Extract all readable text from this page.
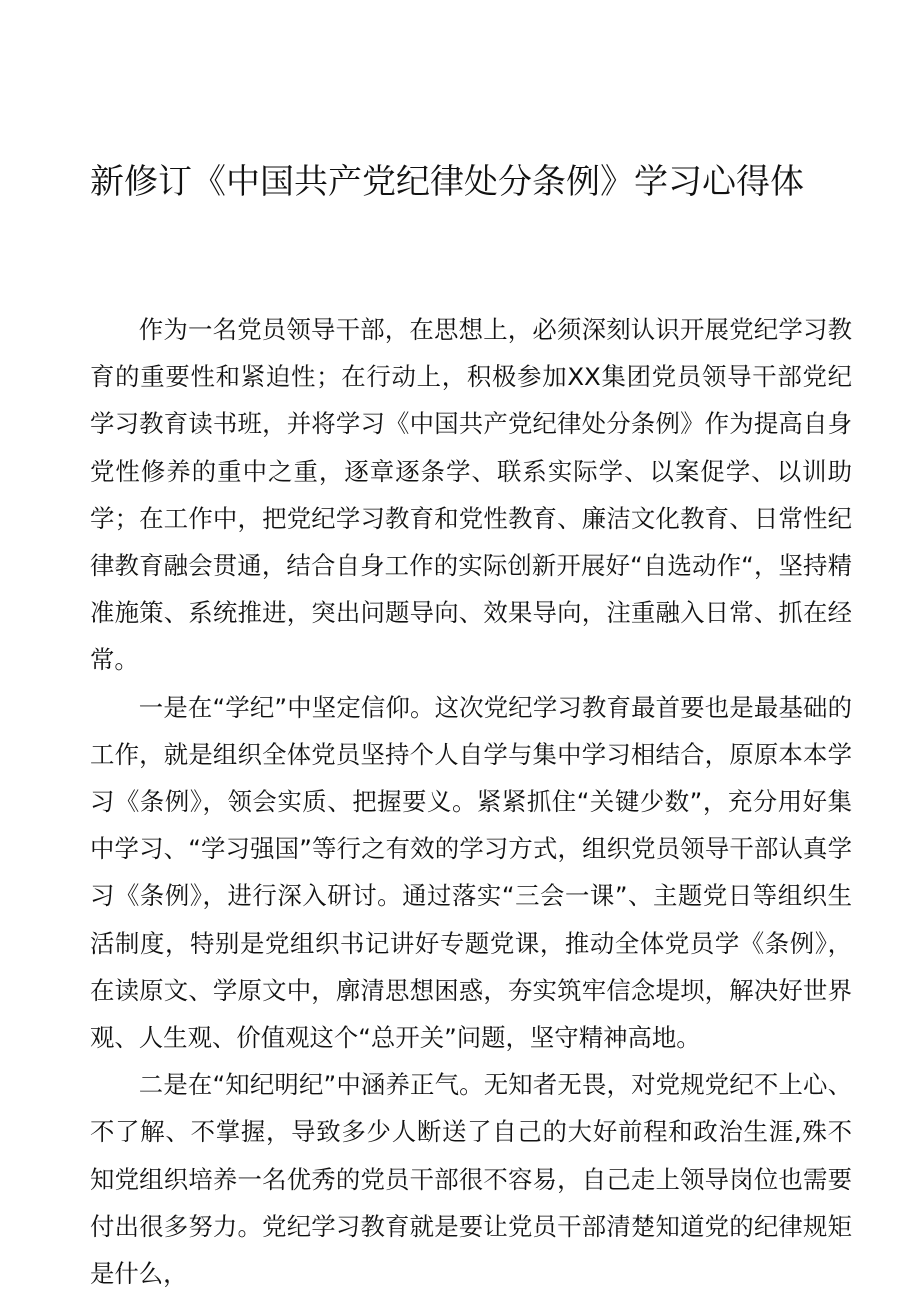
新修订《中国共产党纪律处分条例》学习心得体

作为一名党员领导干部，在思想上，必须深刻认识开展党纪学习教育的重要性和紧迫性；在行动上，积极参加XX集团党员领导干部党纪学习教育读书班，并将学习《中国共产党纪律处分条例》作为提高自身党性修养的重中之重，逐章逐条学、联系实际学、以案促学、以训助学；在工作中，把党纪学习教育和党性教育、廉洁文化教育、日常性纪律教育融会贯通，结合自身工作的实际创新开展好“自选动作“，坚持精准施策、系统推进，突出问题导向、效果导向，注重融入日常、抓在经常。

一是在“学纪”中坚定信仰。这次党纪学习教育最首要也是最基础的工作，就是组织全体党员坚持个人自学与集中学习相结合，原原本本学习《条例》，领会实质、把握要义。紧紧抓住“关键少数”，充分用好集中学习、“学习强国”等行之有效的学习方式，组织党员领导干部认真学习《条例》，进行深入研讨。通过落实“三会一课”、主题党日等组织生活制度，特别是党组织书记讲好专题党课，推动全体党员学《条例》，在读原文、学原文中，廓清思想困惑，夯实筑牢信念堤坝，解决好世界观、人生观、价值观这个“总开关”问题，坚守精神高地。

二是在“知纪明纪”中涵养正气。无知者无畏，对党规党纪不上心、不了解、不掌握，导致多少人断送了自己的大好前程和政治生涯,殊不知党组织培养一名优秀的党员干部很不容易，自己走上领导岗位也需要付出很多努力。党纪学习教育就是要让党员干部清楚知道党的纪律规矩是什么，
